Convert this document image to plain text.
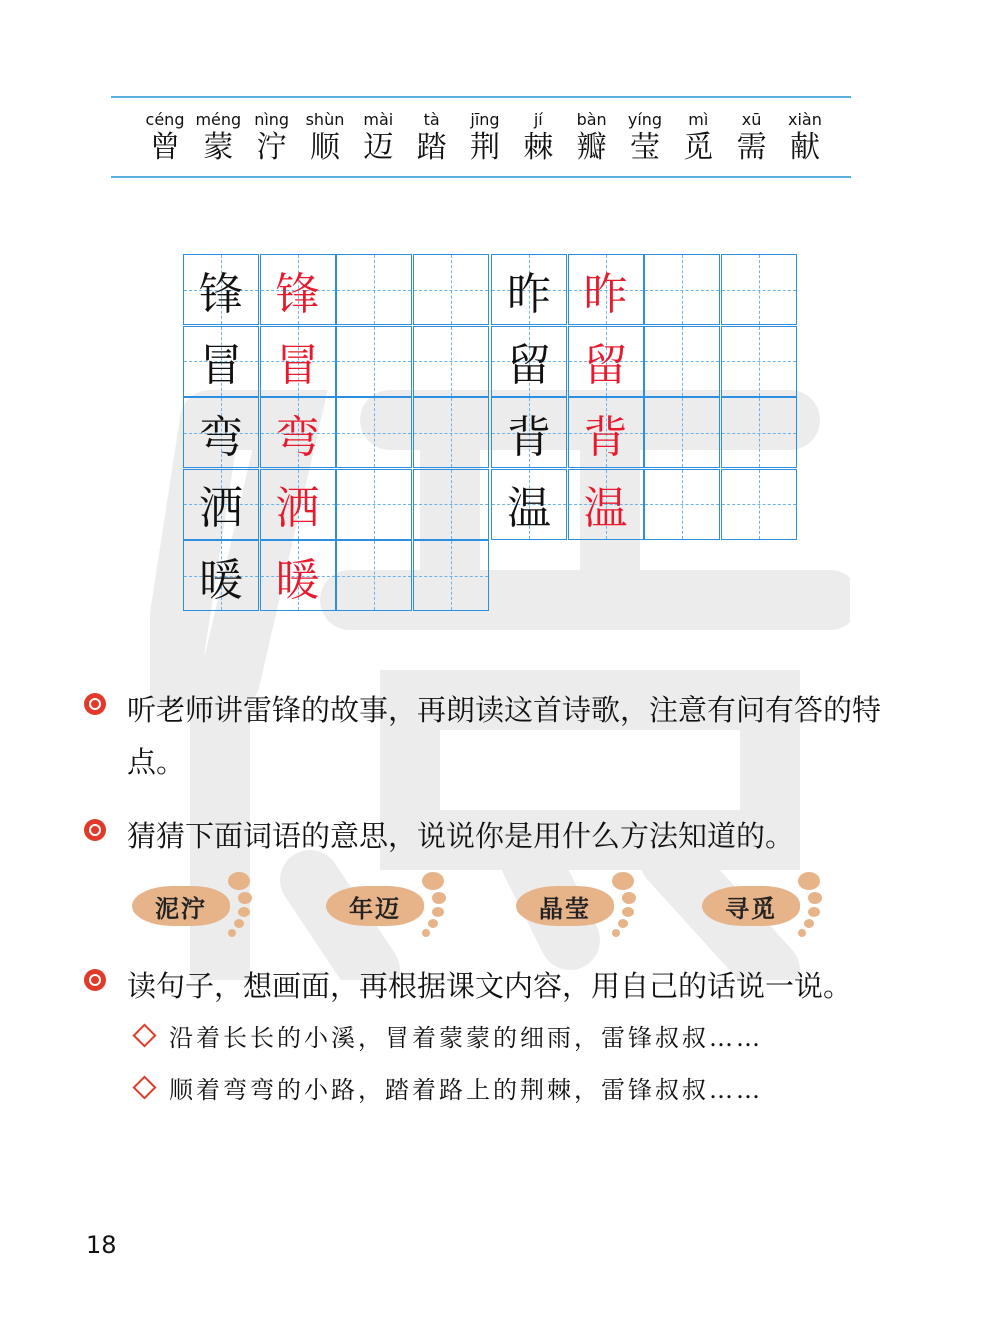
céng
曾
méng
蒙
nìng
泞
shùn
顺
mài
迈
tà
踏
jīng
荆
jí
棘
bàn
瓣
yíng
莹
mì
觅
xū
需
xiàn
献
锋 锋
冒 冒
弯 弯
洒 洒
暖 暖
昨 昨
留 留
背 背
温 温
听老师讲雷锋的故事，再朗读这首诗歌，注意有问有答的特点。
猜猜下面词语的意思，说说你是用什么方法知道的。
泥泞	年迈	晶莹	寻觅
读句子，想画面，再根据课文内容，用自己的话说一说。
沿着长长的小溪，冒着蒙蒙的细雨，雷锋叔叔……
顺着弯弯的小路，踏着路上的荆棘，雷锋叔叔……
18
